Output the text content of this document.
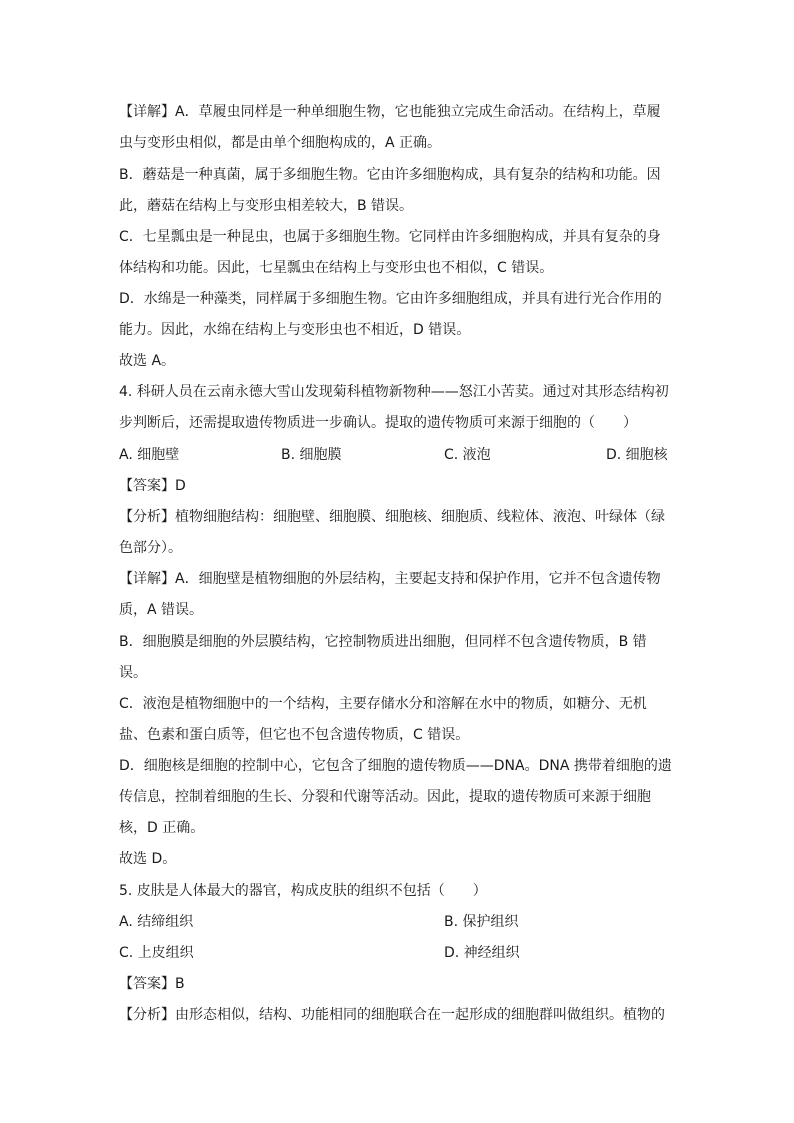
【详解】A．草履虫同样是一种单细胞生物，它也能独立完成生命活动。在结构上，草履
虫与变形虫相似，都是由单个细胞构成的，A 正确。
B．蘑菇是一种真菌，属于多细胞生物。它由许多细胞构成，具有复杂的结构和功能。因
此，蘑菇在结构上与变形虫相差较大，B 错误。
C．七星瓢虫是一种昆虫，也属于多细胞生物。它同样由许多细胞构成，并具有复杂的身
体结构和功能。因此，七星瓢虫在结构上与变形虫也不相似，C 错误。
D．水绵是一种藻类，同样属于多细胞生物。它由许多细胞组成，并具有进行光合作用的
能力。因此，水绵在结构上与变形虫也不相近，D 错误。
故选 A。
4. 科研人员在云南永德大雪山发现菊科植物新物种——怒江小苦荬。通过对其形态结构初
步判断后，还需提取遗传物质进一步确认。提取的遗传物质可来源于细胞的（　　）
A. 细胞壁	B. 细胞膜	C. 液泡	D. 细胞核
【答案】D
【分析】植物细胞结构：细胞壁、细胞膜、细胞核、细胞质、线粒体、液泡、叶绿体（绿
色部分）。
【详解】A．细胞壁是植物细胞的外层结构，主要起支持和保护作用，它并不包含遗传物
质，A 错误。
B．细胞膜是细胞的外层膜结构，它控制物质进出细胞，但同样不包含遗传物质，B 错
误。
C．液泡是植物细胞中的一个结构，主要存储水分和溶解在水中的物质，如糖分、无机
盐、色素和蛋白质等，但它也不包含遗传物质，C 错误。
D．细胞核是细胞的控制中心，它包含了细胞的遗传物质——DNA。DNA 携带着细胞的遗
传信息，控制着细胞的生长、分裂和代谢等活动。因此，提取的遗传物质可来源于细胞
核，D 正确。
故选 D。
5. 皮肤是人体最大的器官，构成皮肤的组织不包括（　　）
A. 结缔组织	B. 保护组织
C. 上皮组织	D. 神经组织
【答案】B
【分析】由形态相似，结构、功能相同的细胞联合在一起形成的细胞群叫做组织。植物的
